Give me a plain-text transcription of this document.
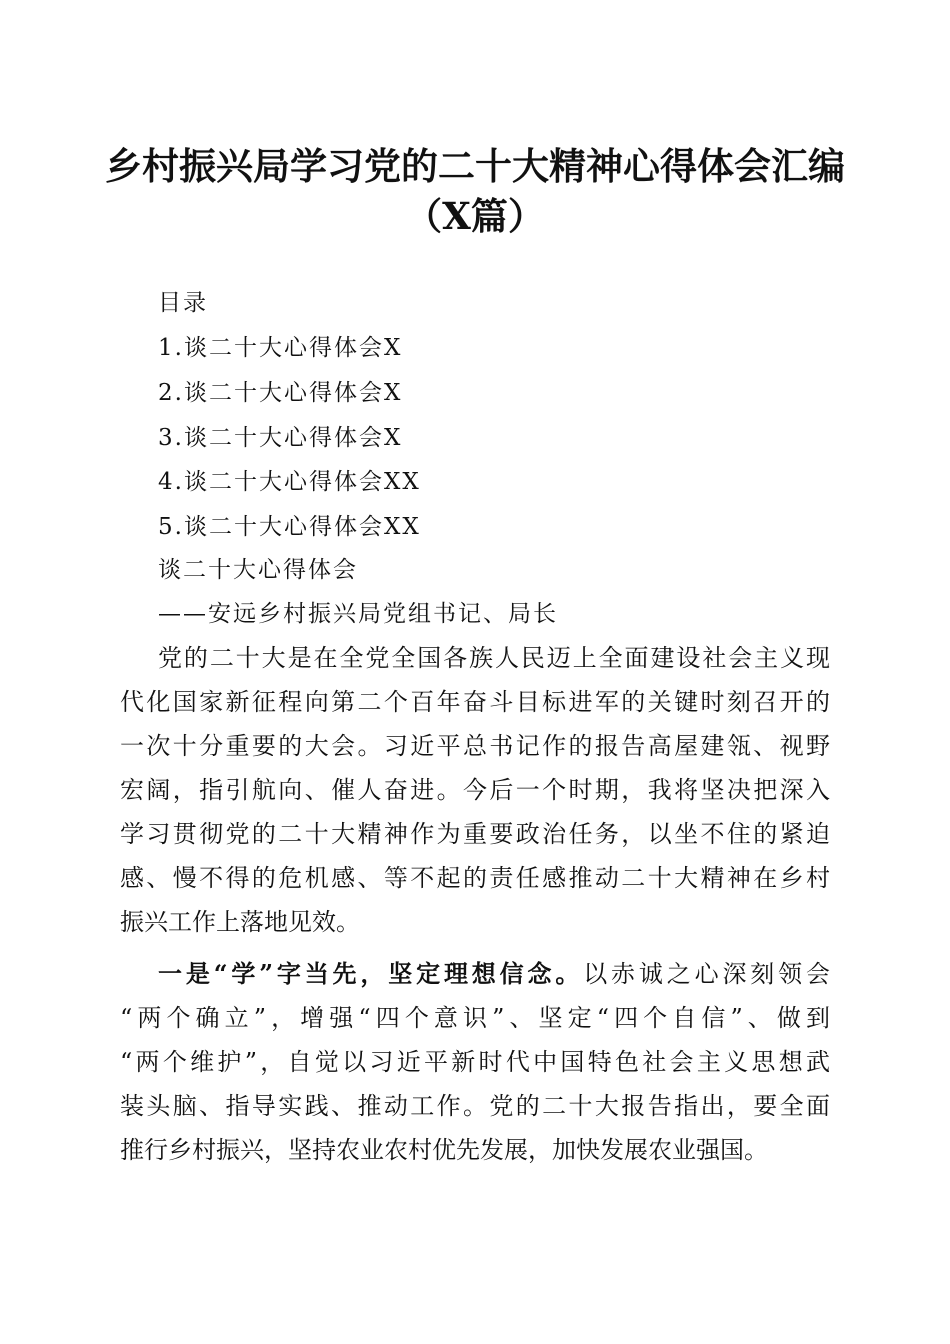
乡村振兴局学习党的二十大精神心得体会汇编
（X篇）
目录
1.谈二十大心得体会X
2.谈二十大心得体会X
3.谈二十大心得体会X
4.谈二十大心得体会XX
5.谈二十大心得体会XX
谈二十大心得体会
——安远乡村振兴局党组书记、局长
党的二十大是在全党全国各族人民迈上全面建设社会主义现
代化国家新征程向第二个百年奋斗目标进军的关键时刻召开的
一次十分重要的大会。习近平总书记作的报告高屋建瓴、视野
宏阔，指引航向、催人奋进。今后一个时期，我将坚决把深入
学习贯彻党的二十大精神作为重要政治任务，以坐不住的紧迫
感、慢不得的危机感、等不起的责任感推动二十大精神在乡村
振兴工作上落地见效。
一是“学”字当先，坚定理想信念。以赤诚之心深刻领会
“两个确立”，增强“四个意识”、坚定“四个自信”、做到
“两个维护”，自觉以习近平新时代中国特色社会主义思想武
装头脑、指导实践、推动工作。党的二十大报告指出，要全面
推行乡村振兴，坚持农业农村优先发展，加快发展农业强国。
